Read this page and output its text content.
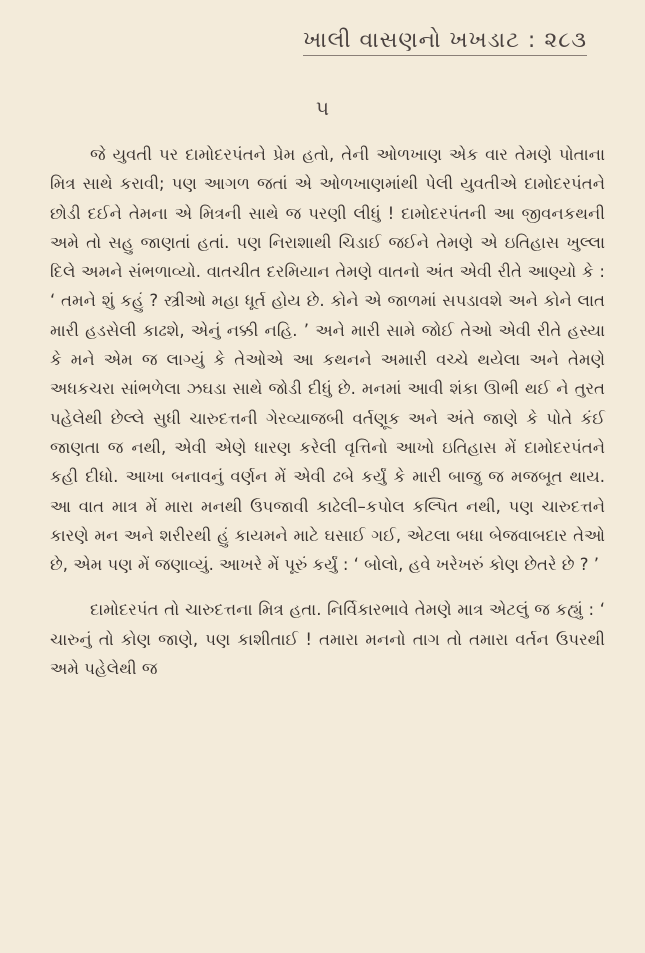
ખાલી વાસણનો ખખડાટ : ૨૮૩
૫

જે યુવતી પર દામોદરપંતને પ્રેમ હતો, તેની ઓળખાણ એક વાર તેમણે પોતાના મિત્ર સાથે કરાવી; પણ આગળ જતાં એ ઓળખાણમાંથી પેલી યુવતીએ દામોદરપંતને છોડી દઈને તેમના એ મિત્રની સાથે જ પરણી લીધું ! દામોદરપંતની આ જીવનકથની અમે તો સહુ જાણતાં હતાં. પણ નિરાશાથી ચિડાઈ જઈને તેમણે એ ઇતિહાસ ખુલ્લા દિલે અમને સંભળાવ્યો. વાતચીત દરમિયાન તેમણે વાતનો અંત એવી રીતે આણ્યો કે : ‘ તમને શું કહું ? સ્ત્રીઓ મહા ધૂર્ત હોય છે. કોને એ જાળમાં સપડાવશે અને કોને લાત મારી હડસેલી કાઢશે, એનું નક્કી નહિ. ’ અને મારી સામે જોઈ તેઓ એવી રીતે હસ્યા કે મને એમ જ લાગ્યું કે તેઓએ આ કથનને અમારી વચ્ચે થયેલા અને તેમણે અધકચરા સાંભળેલા ઝઘડા સાથે જોડી દીધું છે. મનમાં આવી શંકા ઊભી થઈ ને તુરત પહેલેથી છેલ્લે સુધી ચારુદત્તની ગેરવ્યાજબી વર્તણૂક અને અંતે જાણે કે પોતે કંઈ જાણતા જ નથી, એવી એણે ધારણ કરેલી વૃત્તિનો આખો ઇતિહાસ મેં દામોદરપંતને કહી દીધો. આખા બનાવનું વર્ણન મેં એવી ઢબે કર્યું કે મારી બાજુ જ મજબૂત થાય. આ વાત માત્ર મેં મારા મનથી ઉપજાવી કાઢેલી–કપોલ કલ્પિત નથી, પણ ચારુદત્તને કારણે મન અને શરીરથી હું કાયમને માટે ઘસાઈ ગઈ, એટલા બધા બેજવાબદાર તેઓ છે, એમ પણ મેં જણાવ્યું. આખરે મેં પૂરું કર્યું : ‘ બોલો, હવે ખરેખરું કોણ છેતરે છે ? ’

દામોદરપંત તો ચારુદત્તના મિત્ર હતા. નિર્વિકારભાવે તેમણે માત્ર એટલું જ કહ્યું : ‘ ચારુનું તો કોણ જાણે, પણ કાશીતાઈ ! તમારા મનનો તાગ તો તમારા વર્તન ઉપરથી અમે પહેલેથી જ
